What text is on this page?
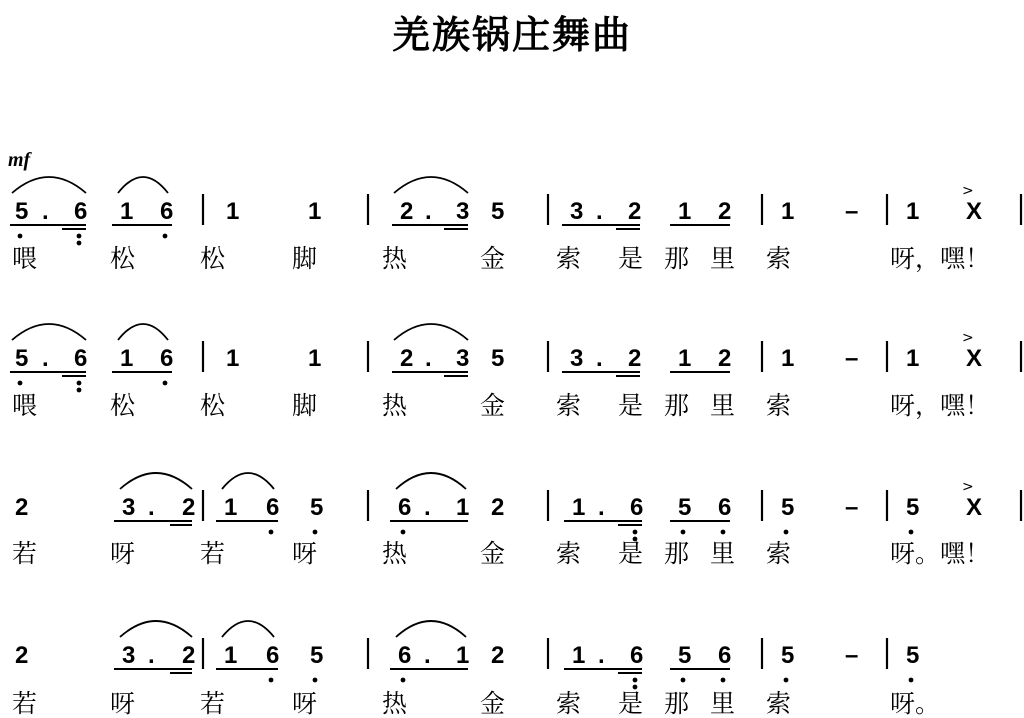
羌族锅庄舞曲
mf
5 . 6 1 6 1	1	2 . 3 5	3 . 2 1 2 1 – 1 X
>
喂	松	松	脚	热	金 索 是 那 里 索	呀，嘿！
5 . 6 1 6 1	1	2 . 3 5	3 . 2 1 2 1 – 1 X
>
喂	松	松	脚	热	金 索 是 那 里 索	呀，嘿！
2	3 . 2 1 6 5	6 . 1 2	1 . 6 5 6 5 – 5 X
>
若	呀	若	呀	热	金 索 是 那 里 索	呀。嘿！
2	3 . 2 1 6 5	6 . 1 2	1 . 6 5 6 5 – 5
若	呀	若	呀	热	金 索 是 那 里 索	呀。
